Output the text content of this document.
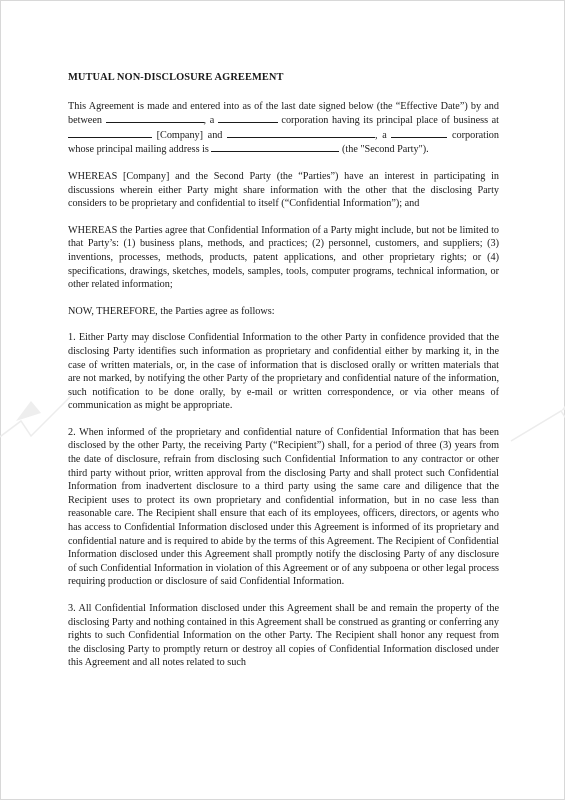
MUTUAL NON-DISCLOSURE AGREEMENT

This Agreement is made and entered into as of the last date signed below (the “Effective Date”) by and between	, a	corporation having its principal place of business at  [Company] and	, a	corporation whose principal mailing address is	(the "Second Party").

WHEREAS [Company] and the Second Party (the “Parties”) have an interest in participating in discussions wherein either Party might share information with the other that the disclosing Party considers to be proprietary and confidential to itself (“Confidential Information”); and

WHEREAS the Parties agree that Confidential Information of a Party might include, but not be limited to that Party’s: (1) business plans, methods, and practices; (2) personnel, customers, and suppliers; (3) inventions, processes, methods, products, patent applications, and other proprietary rights; or (4) specifications, drawings, sketches, models, samples, tools, computer programs, technical information, or other related information;

NOW, THEREFORE, the Parties agree as follows:

1. Either Party may disclose Confidential Information to the other Party in confidence provided that the disclosing Party identifies such information as proprietary and confidential either by marking it, in the case of written materials, or, in the case of information that is disclosed orally or written materials that are not marked, by notifying the other Party of the proprietary and confidential nature of the information, such notification to be done orally, by e-mail or written correspondence, or via other means of communication as might be appropriate.

2. When informed of the proprietary and confidential nature of Confidential Information that has been disclosed by the other Party, the receiving Party (“Recipient”) shall, for a period of three (3) years from the date of disclosure, refrain from disclosing such Confidential Information to any contractor or other third party without prior, written approval from the disclosing Party and shall protect such Confidential Information from inadvertent disclosure to a third party using the same care and diligence that the Recipient uses to protect its own proprietary and confidential information, but in no case less than reasonable care. The Recipient shall ensure that each of its employees, officers, directors, or agents who has access to Confidential Information disclosed under this Agreement is informed of its proprietary and confidential nature and is required to abide by the terms of this Agreement. The Recipient of Confidential Information disclosed under this Agreement shall promptly notify the disclosing Party of any disclosure of such Confidential Information in violation of this Agreement or of any subpoena or other legal process requiring production or disclosure of said Confidential Information.

3. All Confidential Information disclosed under this Agreement shall be and remain the property of the disclosing Party and nothing contained in this Agreement shall be construed as granting or conferring any rights to such Confidential Information on the other Party. The Recipient shall honor any request from the disclosing Party to promptly return or destroy all copies of Confidential Information disclosed under this Agreement and all notes related to such
